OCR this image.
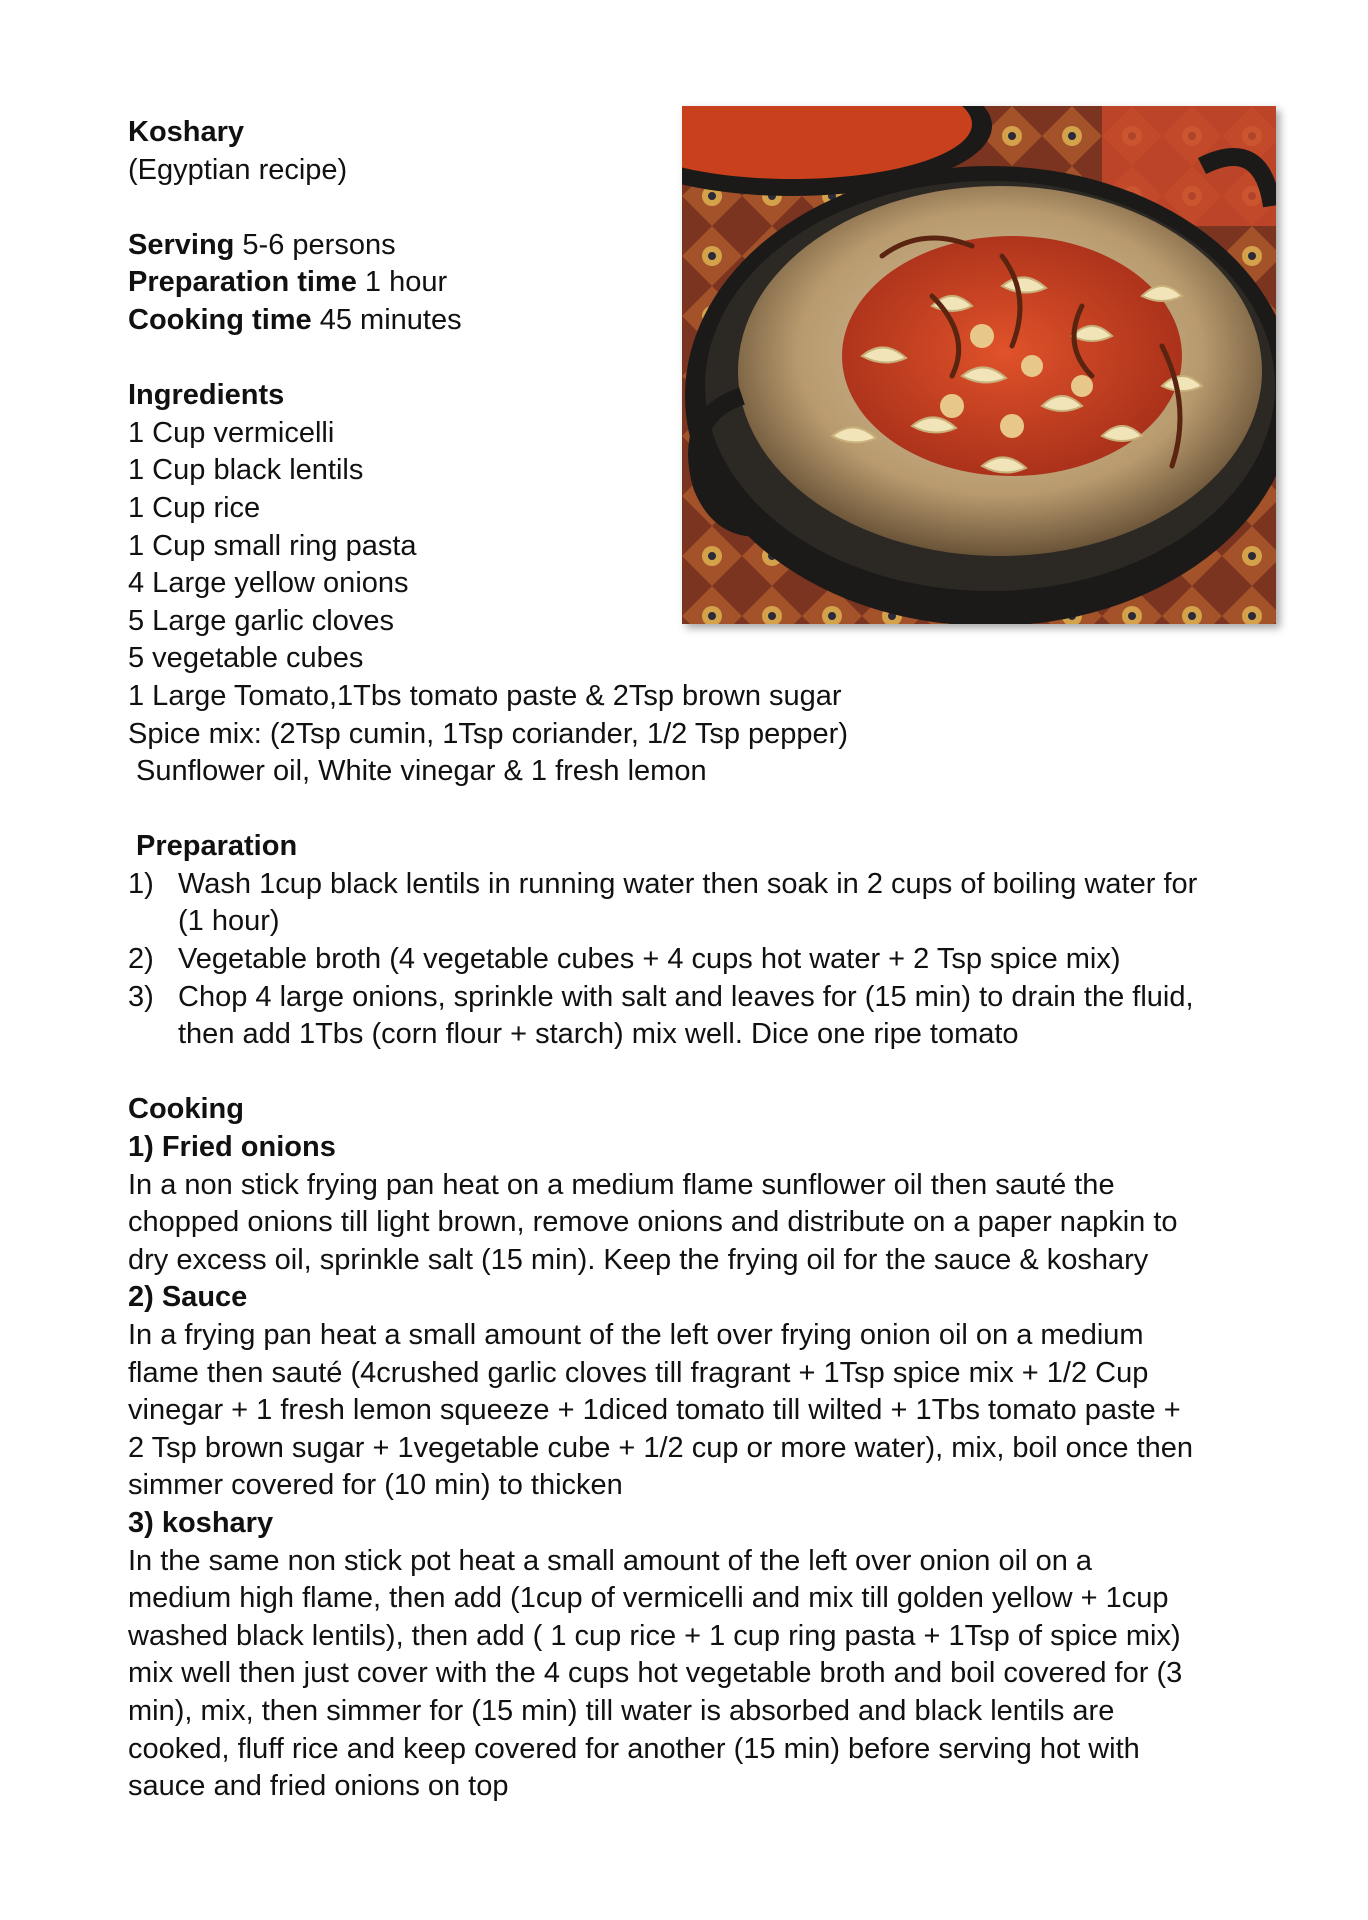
Koshary
(Egyptian recipe)
Serving 5-6 persons
Preparation time 1 hour
Cooking time 45 minutes
Ingredients
1 Cup vermicelli
1 Cup black lentils
1 Cup rice
1 Cup small ring pasta
4 Large yellow onions
5 Large garlic cloves
5 vegetable cubes
1 Large Tomato,1Tbs tomato paste & 2Tsp brown sugar
Spice mix: (2Tsp cumin, 1Tsp coriander, 1/2 Tsp pepper)
Sunflower oil, White vinegar & 1 fresh lemon
Preparation
1) Wash 1cup black lentils in running water then soak in 2 cups of boiling water for
(1 hour)
2) Vegetable broth (4 vegetable cubes + 4 cups hot water + 2 Tsp spice mix)
3) Chop 4 large onions, sprinkle with salt and leaves for (15 min) to drain the fluid,
then add 1Tbs (corn flour + starch) mix well. Dice one ripe tomato
Cooking
1) Fried onions
In a non stick frying pan heat on a medium flame sunflower oil then sauté the
chopped onions till light brown, remove onions and distribute on a paper napkin to
dry excess oil, sprinkle salt (15 min). Keep the frying oil for the sauce & koshary
2) Sauce
In a frying pan heat a small amount of the left over frying onion oil on a medium
flame then sauté (4crushed garlic cloves till fragrant + 1Tsp spice mix + 1/2 Cup
vinegar + 1 fresh lemon squeeze + 1diced tomato till wilted + 1Tbs tomato paste +
2 Tsp brown sugar + 1vegetable cube + 1/2 cup or more water), mix, boil once then
simmer covered for (10 min) to thicken
3) koshary
In the same non stick pot heat a small amount of the left over onion oil on a
medium high flame, then add (1cup of vermicelli and mix till golden yellow + 1cup
washed black lentils), then add ( 1 cup rice + 1 cup ring pasta + 1Tsp of spice mix)
mix well then just cover with the 4 cups hot vegetable broth and boil covered for (3
min), mix, then simmer for (15 min) till water is absorbed and black lentils are
cooked, fluff rice and keep covered for another (15 min) before serving hot with
sauce and fried onions on top
